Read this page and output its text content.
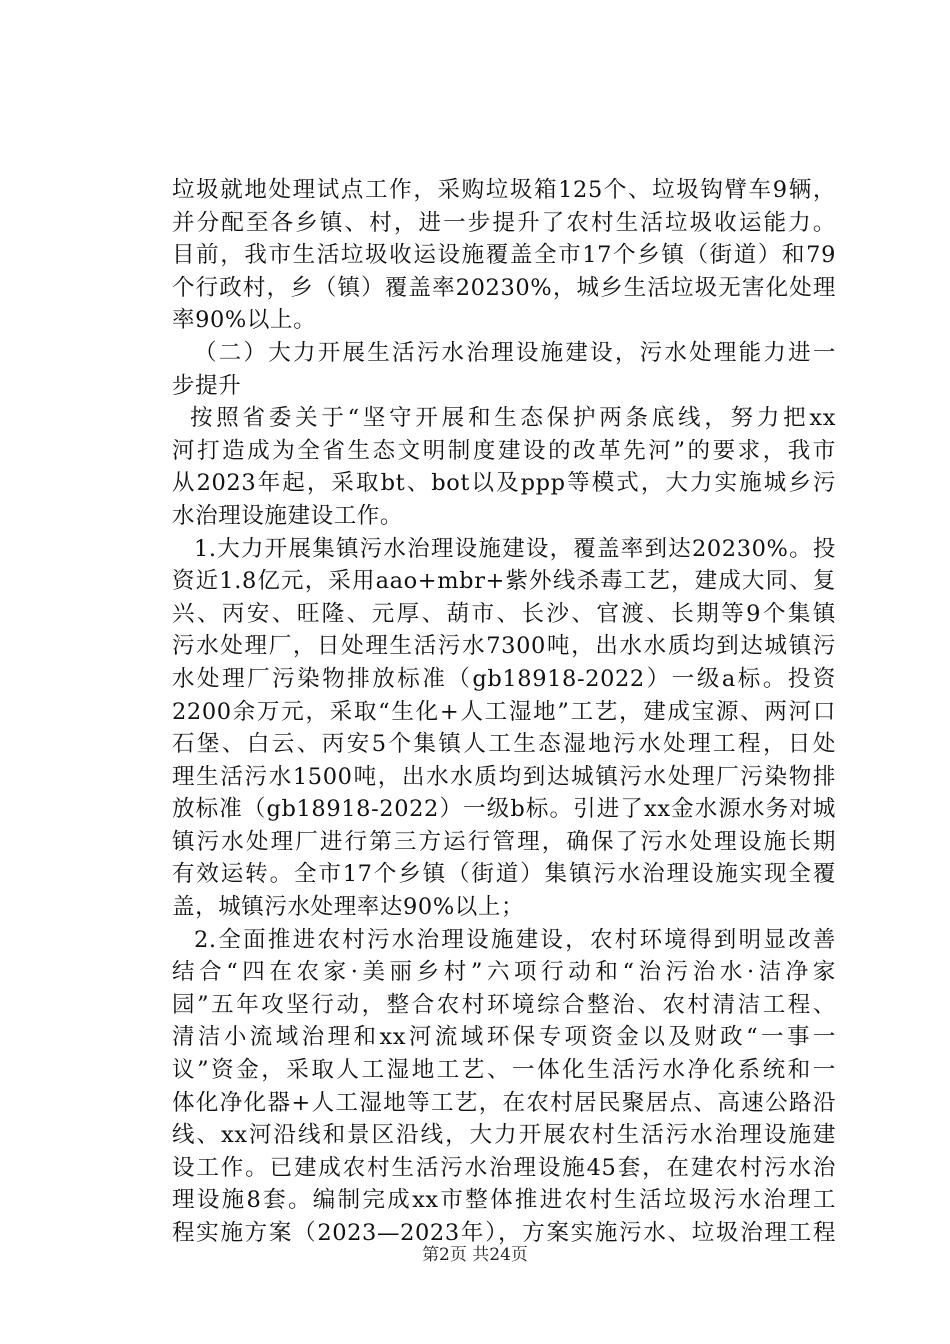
垃圾就地处理试点工作，采购垃圾箱125个、垃圾钩臂车9辆，
并分配至各乡镇、村，进一步提升了农村生活垃圾收运能力。
目前，我市生活垃圾收运设施覆盖全市17个乡镇（街道）和79
个行政村，乡（镇）覆盖率20230%，城乡生活垃圾无害化处理
率90%以上。
（二）大力开展生活污水治理设施建设，污水处理能力进一
步提升
按照省委关于“坚守开展和生态保护两条底线，努力把xx
河打造成为全省生态文明制度建设的改革先河”的要求，我市
从2023年起，采取bt、bot以及ppp等模式，大力实施城乡污
水治理设施建设工作。
1.大力开展集镇污水治理设施建设，覆盖率到达20230%。投
资近1.8亿元，采用aao+mbr+紫外线杀毒工艺，建成大同、复
兴、丙安、旺隆、元厚、葫市、长沙、官渡、长期等9个集镇
污水处理厂，日处理生活污水7300吨，出水水质均到达城镇污
水处理厂污染物排放标准（gb18918-2022）一级a标。投资
2200余万元，采取“生化+人工湿地”工艺，建成宝源、两河口
石堡、白云、丙安5个集镇人工生态湿地污水处理工程，日处
理生活污水1500吨，出水水质均到达城镇污水处理厂污染物排
放标准（gb18918-2022）一级b标。引进了xx金水源水务对城
镇污水处理厂进行第三方运行管理，确保了污水处理设施长期
有效运转。全市17个乡镇（街道）集镇污水治理设施实现全覆
盖，城镇污水处理率达90%以上；
2.全面推进农村污水治理设施建设，农村环境得到明显改善
结合“四在农家·美丽乡村”六项行动和“治污治水·洁净家
园”五年攻坚行动，整合农村环境综合整治、农村清洁工程、
清洁小流域治理和xx河流域环保专项资金以及财政“一事一
议”资金，采取人工湿地工艺、一体化生活污水净化系统和一
体化净化器+人工湿地等工艺，在农村居民聚居点、高速公路沿
线、xx河沿线和景区沿线，大力开展农村生活污水治理设施建
设工作。已建成农村生活污水治理设施45套，在建农村污水治
理设施8套。编制完成xx市整体推进农村生活垃圾污水治理工
程实施方案（2023—2023年），方案实施污水、垃圾治理工程
第2页 共24页
